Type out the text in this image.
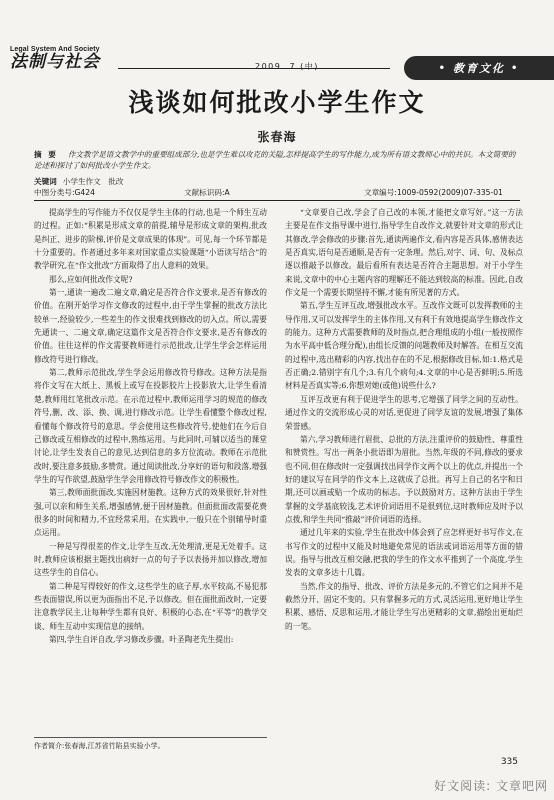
Legal System And Society
法制与社会	2009. 7 (中)	• 教育文化 •
浅谈如何批改小学生作文
张春海
摘 要 作文教学是语文教学中的重要组成部分,也是学生难以攻克的关隘,怎样提高学生的写作能力,成为所有语文教师心中的共识。本文简要的论述和探讨了如何批改小学生作文。
关键词 小学生作文　批改
中图分类号:G424	文献标识码:A	文章编号:1009-0592(2009)07-335-01

提高学生的写作能力不仅仅是学生主体的行动,也是一个师生互动的过程。正如:“积累是形成文章的前提,辅导是形成文章的架构,批改是纠正、进步的阶梯,评价是文章成果的体现”。可见,每一个环节都是十分重要的。作者通过多年来对国家重点实验课题“小语读写结合”的教学研究,在“作文批改”方面取得了出人意料的效果。

那么,应如何批改作文呢?

第一,通读一遍改二遍文章,确定是否符合作文要求,是否有修改的价值。在刚开始学习作文修改的过程中,由于学生掌握的批改方法比较单一,经验较少,一些差生的作文很难找到修改的切入点。所以,需要先通读一、二遍文章,确定这篇作文是否符合作文要求,是否有修改的价值。往往这样的作文需要教师进行示范批改,让学生学会怎样运用修改符号进行修改。

第二,教师示范批改,学生学会运用修改符号修改。这种方法是指将作文写在大纸上、黑板上或写在投影胶片上投影放大,让学生看清楚,教师用红笔批改示范。在示范过程中,教师运用学习的规范的修改符号,删、改、添、换、调,进行修改示范。让学生看懂整个修改过程,看懂每个修改符号的意思。学会使用这些修改符号,使他们在今后自己修改或互相修改的过程中,熟练运用。与此同时,可辅以适当的课堂讨论,让学生发表自己的意见,达到信息的多方位流动。教师在示范批改时,要注意多鼓励,多赞赏。通过阅读批改,分享好的语句和段落,增强学生的写作欲望,鼓励学生学会用修改符号修改作文的积极性。

第三,教师面批面改,实施因材施教。这种方式的效果很好,针对性强,可以亲和师生关系,增强感情,便于因材施教。但面批面改需要花费很多的时间和精力,不宜经常采用。在实践中,一般只在个别辅导时重点运用。

一种是写得很差的作文,让学生互改,无处理清,更是无处着手。这时,教师应该根据主题找出病好一点的句子予以表扬并加以修改,增加这些学生的自信心。

第二种是写得较好的作文,这些学生的底子厚,水平较高,不易犯那些表面错误,所以更为面指出不足,予以修改。但在面批面改时,一定要注意教学民主,让每种学生都有良好、积极的心态,在“平等”的教学交谈、师生互动中实现信息的接纳。

第四,学生自评自改,学习修改步骤。叶圣陶老先生提出:

“文章要自己改,学会了自己改的本领,才能把文章写好。”这一方法主要是在作文指导课中进行,指导学生自改作文,就要针对文章的形式让其修改,学会修改的步骤:首先,通读两遍作文,看内容是否具体,感情表达是否真实,语句是否通顺,是否有一定条理。然后,对字、词、句、及标点逐以推敲予以修改。最后看所有表达是否符合主题思想。对于小学生来说,文章中的中心主题内容的理解还不能达到较高的标准。因此,自改作文是一个需要长期坚持不懈,才能有所见著的方式。

第五,学生互评互改,增强批改水平。互改作文既可以发挥教师的主导作用,又可以发挥学生的主体作用,又有利于有效地提高学生修改作文的能力。这种方式需要教师的及时指点,把合理组成的小组(一般按照作为水平高中低合理分配),由组长反馈的问题教师及时解答。在相互交流的过程中,选出精彩的内容,找出存在的不足,根据修改目标,如:1.格式是否正确;2.错别字有几个;3.有几个病句;4.文章的中心是否鲜明;5.所选材料是否真实等;6.你想对她(或他)说些什么?

互评互改更有利于促进学生的思考,它增强了同学之间的互动性。通过作文的交流形成心灵的对话,更促进了同学友谊的发展,增强了集体荣誉感。

第六,学习教师进行眉批、总批的方法,注重评价的鼓励性、尊重性和赞赏性。写出一两条小批语即为眉批。当然,年级的不同,修改的要求也不同,但在修改时一定强调找出同学作文两个以上的优点,并提出一个好的建议写在同学的作文本上,这就成了总批。再写上自己的名字和日期,还可以画或贴一个成功的标志。予以鼓励对方。这种方法由于学生掌握的文学基底较浅,艺术评价词语用不是很到位,这时教师应及时予以点拨,和学生共同“推敲”评价词语的选择。

通过几年来的实验,学生在批改中体会到了应怎样更好书写作文,在书写作文的过程中又能及时地避免常见的语法或词语运用等方面的错误。指导与批改互相交融,把我的学生的作文水平推到了一个高度,学生发表的文章多达十几篇。

当然,作文的指导、批改、评价方法是多元的,不管它们之间并不是截然分开、固定不变的。只有掌握多元的方式,灵活运用,更好地让学生积累、感悟、反思和运用,才能让学生写出更精彩的文章,描绘出更灿烂的一笔。

作者简介:张春海,江苏省竹陷县实验小学。
335
好文阅读: 文章吧网
